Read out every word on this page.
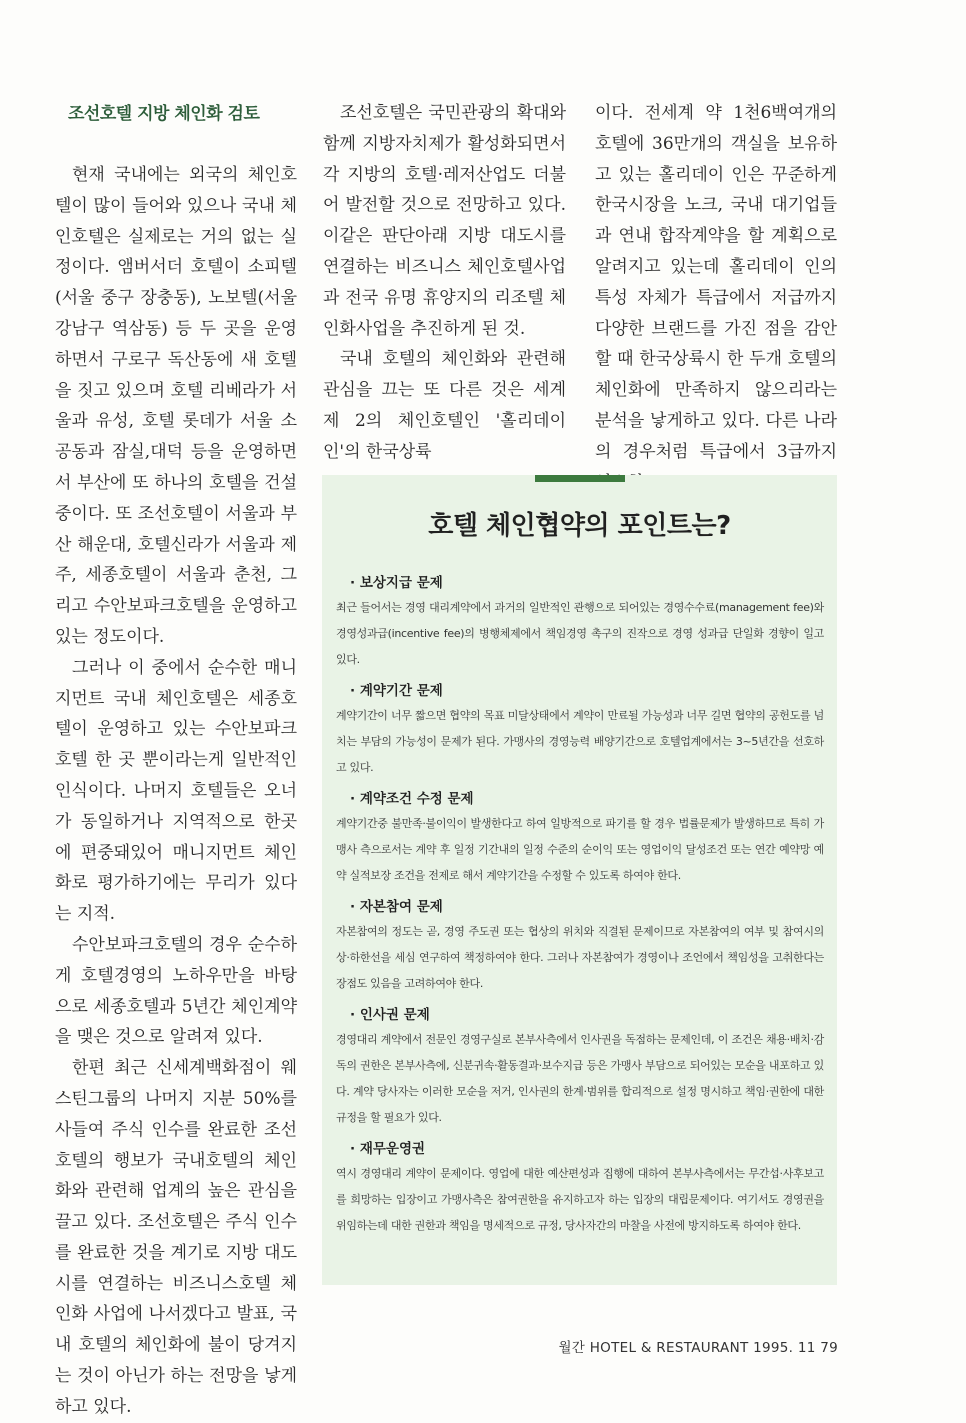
조선호텔 지방 체인화 검토

현재 국내에는 외국의 체인호텔이 많이 들어와 있으나 국내 체인호텔은 실제로는 거의 없는 실정이다. 앰버서더 호텔이 소피텔(서울 중구 장충동), 노보텔(서울 강남구 역삼동) 등 두 곳을 운영하면서 구로구 독산동에 새 호텔을 짓고 있으며 호텔 리베라가 서울과 유성, 호텔 롯데가 서울 소공동과 잠실,대덕 등을 운영하면서 부산에 또 하나의 호텔을 건설중이다. 또 조선호텔이 서울과 부산 해운대, 호텔신라가 서울과 제주, 세종호텔이 서울과 춘천, 그리고 수안보파크호텔을 운영하고 있는 정도이다.

그러나 이 중에서 순수한 매니지먼트 국내 체인호텔은 세종호텔이 운영하고 있는 수안보파크호텔 한 곳 뿐이라는게 일반적인 인식이다. 나머지 호텔들은 오너가 동일하거나 지역적으로 한곳에 편중돼있어 매니지먼트 체인화로 평가하기에는 무리가 있다는 지적.

수안보파크호텔의 경우 순수하게 호텔경영의 노하우만을 바탕으로 세종호텔과 5년간 체인계약을 맺은 것으로 알려져 있다.

한편 최근 신세계백화점이 웨스틴그룹의 나머지 지분 50%를 사들여 주식 인수를 완료한 조선호텔의 행보가 국내호텔의 체인화와 관련해 업계의 높은 관심을 끌고 있다. 조선호텔은 주식 인수를 완료한 것을 계기로 지방 대도시를 연결하는 비즈니스호텔 체인화 사업에 나서겠다고 발표, 국내 호텔의 체인화에 불이 당겨지는 것이 아닌가 하는 전망을 낳게하고 있다.

조선호텔은 국민관광의 확대와 함께 지방자치제가 활성화되면서 각 지방의 호텔·레저산업도 더불어 발전할 것으로 전망하고 있다. 이같은 판단아래 지방 대도시를 연결하는 비즈니스 체인호텔사업과 전국 유명 휴양지의 리조텔 체인화사업을 추진하게 된 것.

국내 호텔의 체인화와 관련해 관심을 끄는 또 다른 것은 세계 제 2의 체인호텔인 '홀리데이 인'의 한국상륙

이다. 전세계 약 1천6백여개의 호텔에 36만개의 객실을 보유하고 있는 홀리데이 인은 꾸준하게 한국시장을 노크, 국내 대기업들과 연내 합작계약을 할 계획으로 알려지고 있는데 홀리데이 인의 특성 자체가 특급에서 저급까지 다양한 브랜드를 가진 점을 감안할 때 한국상륙시 한 두개 호텔의 체인화에 만족하지 않으리라는 분석을 낳게하고 있다. 다른 나라의 경우처럼 특급에서 3급까지

호텔 체인협약의 포인트는?
· 보상지급 문제
최근 들어서는 경영 대리계약에서 과거의 일반적인 관행으로 되어있는 경영수수료(management fee)와 경영성과급(incentive fee)의 병행체제에서 책임경영 촉구의 진작으로 경영 성과급 단일화 경향이 일고 있다.
· 계약기간 문제
계약기간이 너무 짧으면 협약의 목표 미달상태에서 계약이 만료될 가능성과 너무 길면 협약의 공헌도를 넘치는 부담의 가능성이 문제가 된다. 가맹사의 경영능력 배양기간으로 호텔업계에서는 3~5년간을 선호하고 있다.
· 계약조건 수정 문제
계약기간중 불만족·불이익이 발생한다고 하여 일방적으로 파기를 할 경우 법률문제가 발생하므로 특히 가맹사 측으로서는 계약 후 일정 기간내의 일정 수준의 순이익 또는 영업이익 달성조건 또는 연간 예약망 예약 실적보장 조건을 전제로 해서 계약기간을 수정할 수 있도록 하여야 한다.
· 자본참여 문제
자본참여의 정도는 곧, 경영 주도권 또는 협상의 위치와 직결된 문제이므로 자본참여의 여부 및 참여시의 상·하한선을 세심 연구하여 책정하여야 한다. 그러나 자본참여가 경영이나 조언에서 책임성을 고취한다는 장점도 있음을 고려하여야 한다.
· 인사권 문제
경영대리 계약에서 전문인 경영구실로 본부사측에서 인사권을 독점하는 문제인데, 이 조건은 채용·배치·감독의 권한은 본부사측에, 신분귀속·활동결과·보수지급 등은 가맹사 부담으로 되어있는 모순을 내포하고 있다. 계약 당사자는 이러한 모순을 저거, 인사권의 한계·범위를 합리적으로 설정 명시하고 책임·권한에 대한 규정을 할 필요가 있다.
· 재무운영권
역시 경영대리 계약이 문제이다. 영업에 대한 예산편성과 집행에 대하여 본부사측에서는 무간섭·사후보고를 희망하는 입장이고 가맹사측은 참여권한을 유지하고자 하는 입장의 대립문제이다. 여기서도 경영권을 위임하는데 대한 권한과 책임을 명세적으로 규정, 당사자간의 마찰을 사전에 방지하도록 하여야 한다.
월간 HOTEL & RESTAURANT 1995. 11 79
